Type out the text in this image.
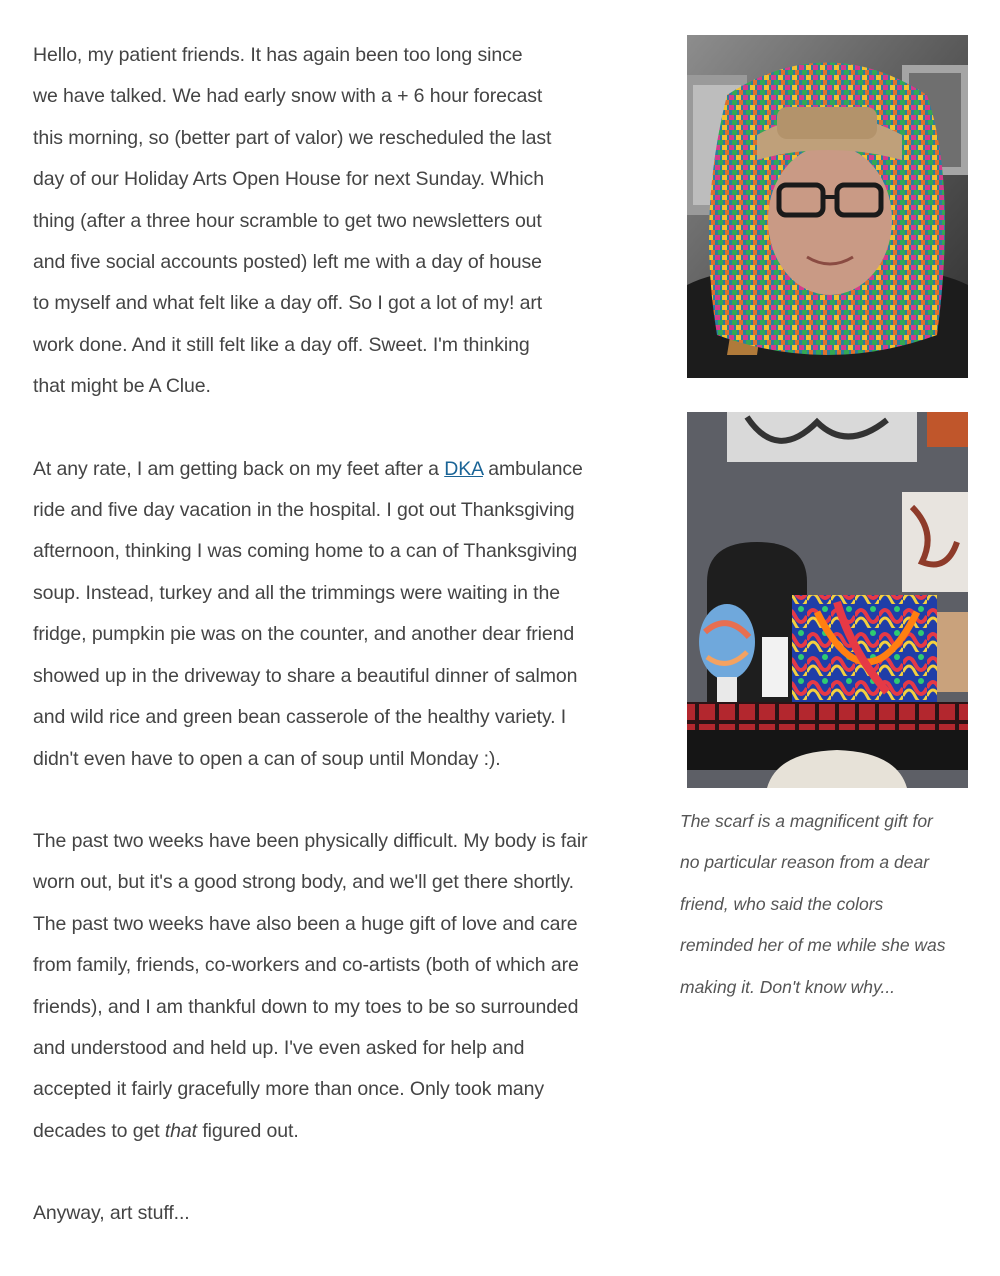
Hello, my patient friends. It has again been too long since
we have talked. We had early snow with a + 6 hour forecast
this morning, so (better part of valor) we rescheduled the last
day of our Holiday Arts Open House for next Sunday. Which
thing (after a three hour scramble to get two newsletters out
and five social accounts posted) left me with a day of house
to myself and what felt like a day off. So I got a lot of my! art
work done. And it still felt like a day off. Sweet. I'm thinking
that might be A Clue.

At any rate, I am getting back on my feet after a DKA ambulance
ride and five day vacation in the hospital. I got out Thanksgiving
afternoon, thinking I was coming home to a can of Thanksgiving
soup. Instead, turkey and all the trimmings were waiting in the
fridge, pumpkin pie was on the counter, and another dear friend
showed up in the driveway to share a beautiful dinner of salmon
and wild rice and green bean casserole of the healthy variety. I
didn't even have to open a can of soup until Monday :).

The past two weeks have been physically difficult. My body is fair
worn out, but it's a good strong body, and we'll get there shortly.
The past two weeks have also been a huge gift of love and care
from family, friends, co-workers and co-artists (both of which are
friends), and I am thankful down to my toes to be so surrounded
and understood and held up. I've even asked for help and
accepted it fairly gracefully more than once. Only took many
decades to get that figured out.

Anyway, art stuff...

The scarf is a magnificent gift for
no particular reason from a dear
friend, who said the colors
reminded her of me while she was
making it. Don't know why...
